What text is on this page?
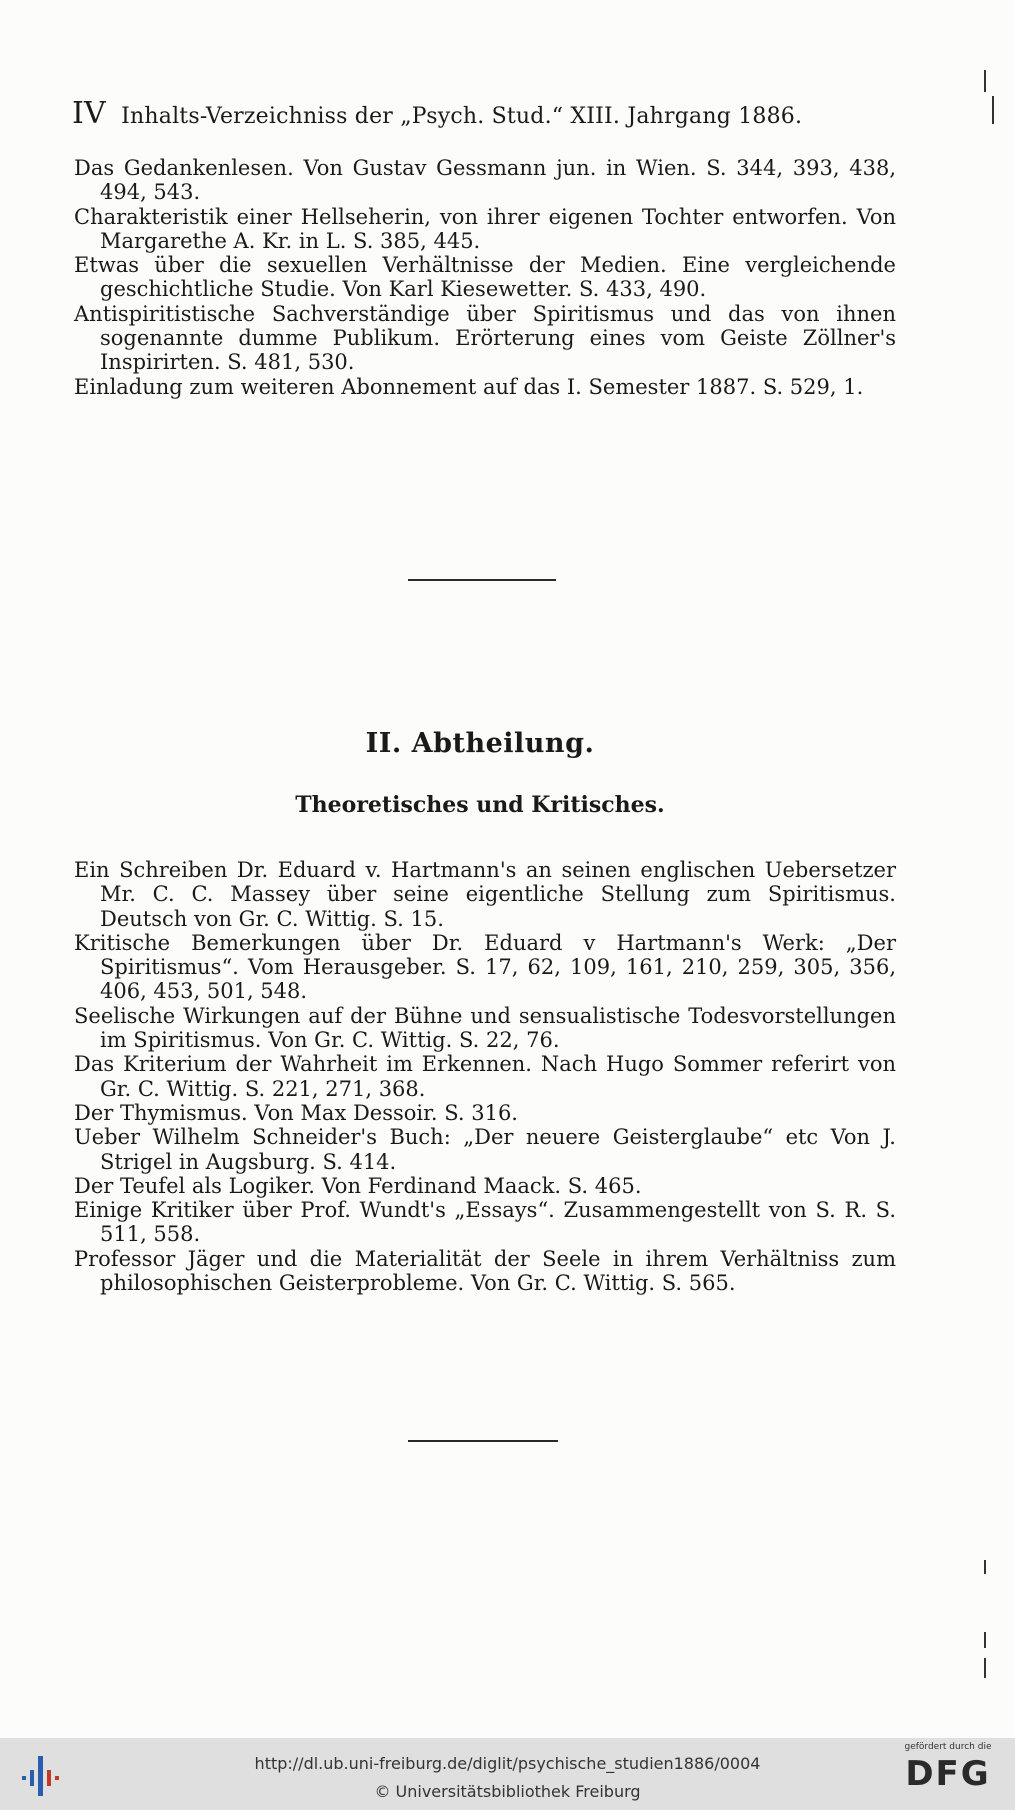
IV Inhalts-Verzeichniss der „Psych. Stud.“ XIII. Jahrgang 1886.
Das Gedankenlesen. Von Gustav Gessmann jun. in Wien. S. 344, 393, 438, 494, 543.
Charakteristik einer Hellseherin, von ihrer eigenen Tochter entworfen. Von Margarethe A. Kr. in L. S. 385, 445.
Etwas über die sexuellen Verhältnisse der Medien. Eine vergleichende geschichtliche Studie. Von Karl Kiesewetter. S. 433, 490.
Antispiritistische Sachverständige über Spiritismus und das von ihnen sogenannte dumme Publikum. Erörterung eines vom Geiste Zöllner's Inspirirten. S. 481, 530.
Einladung zum weiteren Abonnement auf das I. Semester 1887. S. 529, 1.
II. Abtheilung.
Theoretisches und Kritisches.
Ein Schreiben Dr. Eduard v. Hartmann's an seinen englischen Uebersetzer Mr. C. C. Massey über seine eigentliche Stellung zum Spiritismus. Deutsch von Gr. C. Wittig. S. 15.
Kritische Bemerkungen über Dr. Eduard v Hartmann's Werk: „Der Spiritismus“. Vom Herausgeber. S. 17, 62, 109, 161, 210, 259, 305, 356, 406, 453, 501, 548.
Seelische Wirkungen auf der Bühne und sensualistische Todesvorstellungen im Spiritismus. Von Gr. C. Wittig. S. 22, 76.
Das Kriterium der Wahrheit im Erkennen. Nach Hugo Sommer referirt von Gr. C. Wittig. S. 221, 271, 368.
Der Thymismus. Von Max Dessoir. S. 316.
Ueber Wilhelm Schneider's Buch: „Der neuere Geisterglaube“ etc Von J. Strigel in Augsburg. S. 414.
Der Teufel als Logiker. Von Ferdinand Maack. S. 465.
Einige Kritiker über Prof. Wundt's „Essays“. Zusammengestellt von S. R. S. 511, 558.
Professor Jäger und die Materialität der Seele in ihrem Verhältniss zum philosophischen Geisterprobleme. Von Gr. C. Wittig. S. 565.
http://dl.ub.uni-freiburg.de/diglit/psychische_studien1886/0004
© Universitätsbibliothek Freiburg
gefördert durch die
DFG
